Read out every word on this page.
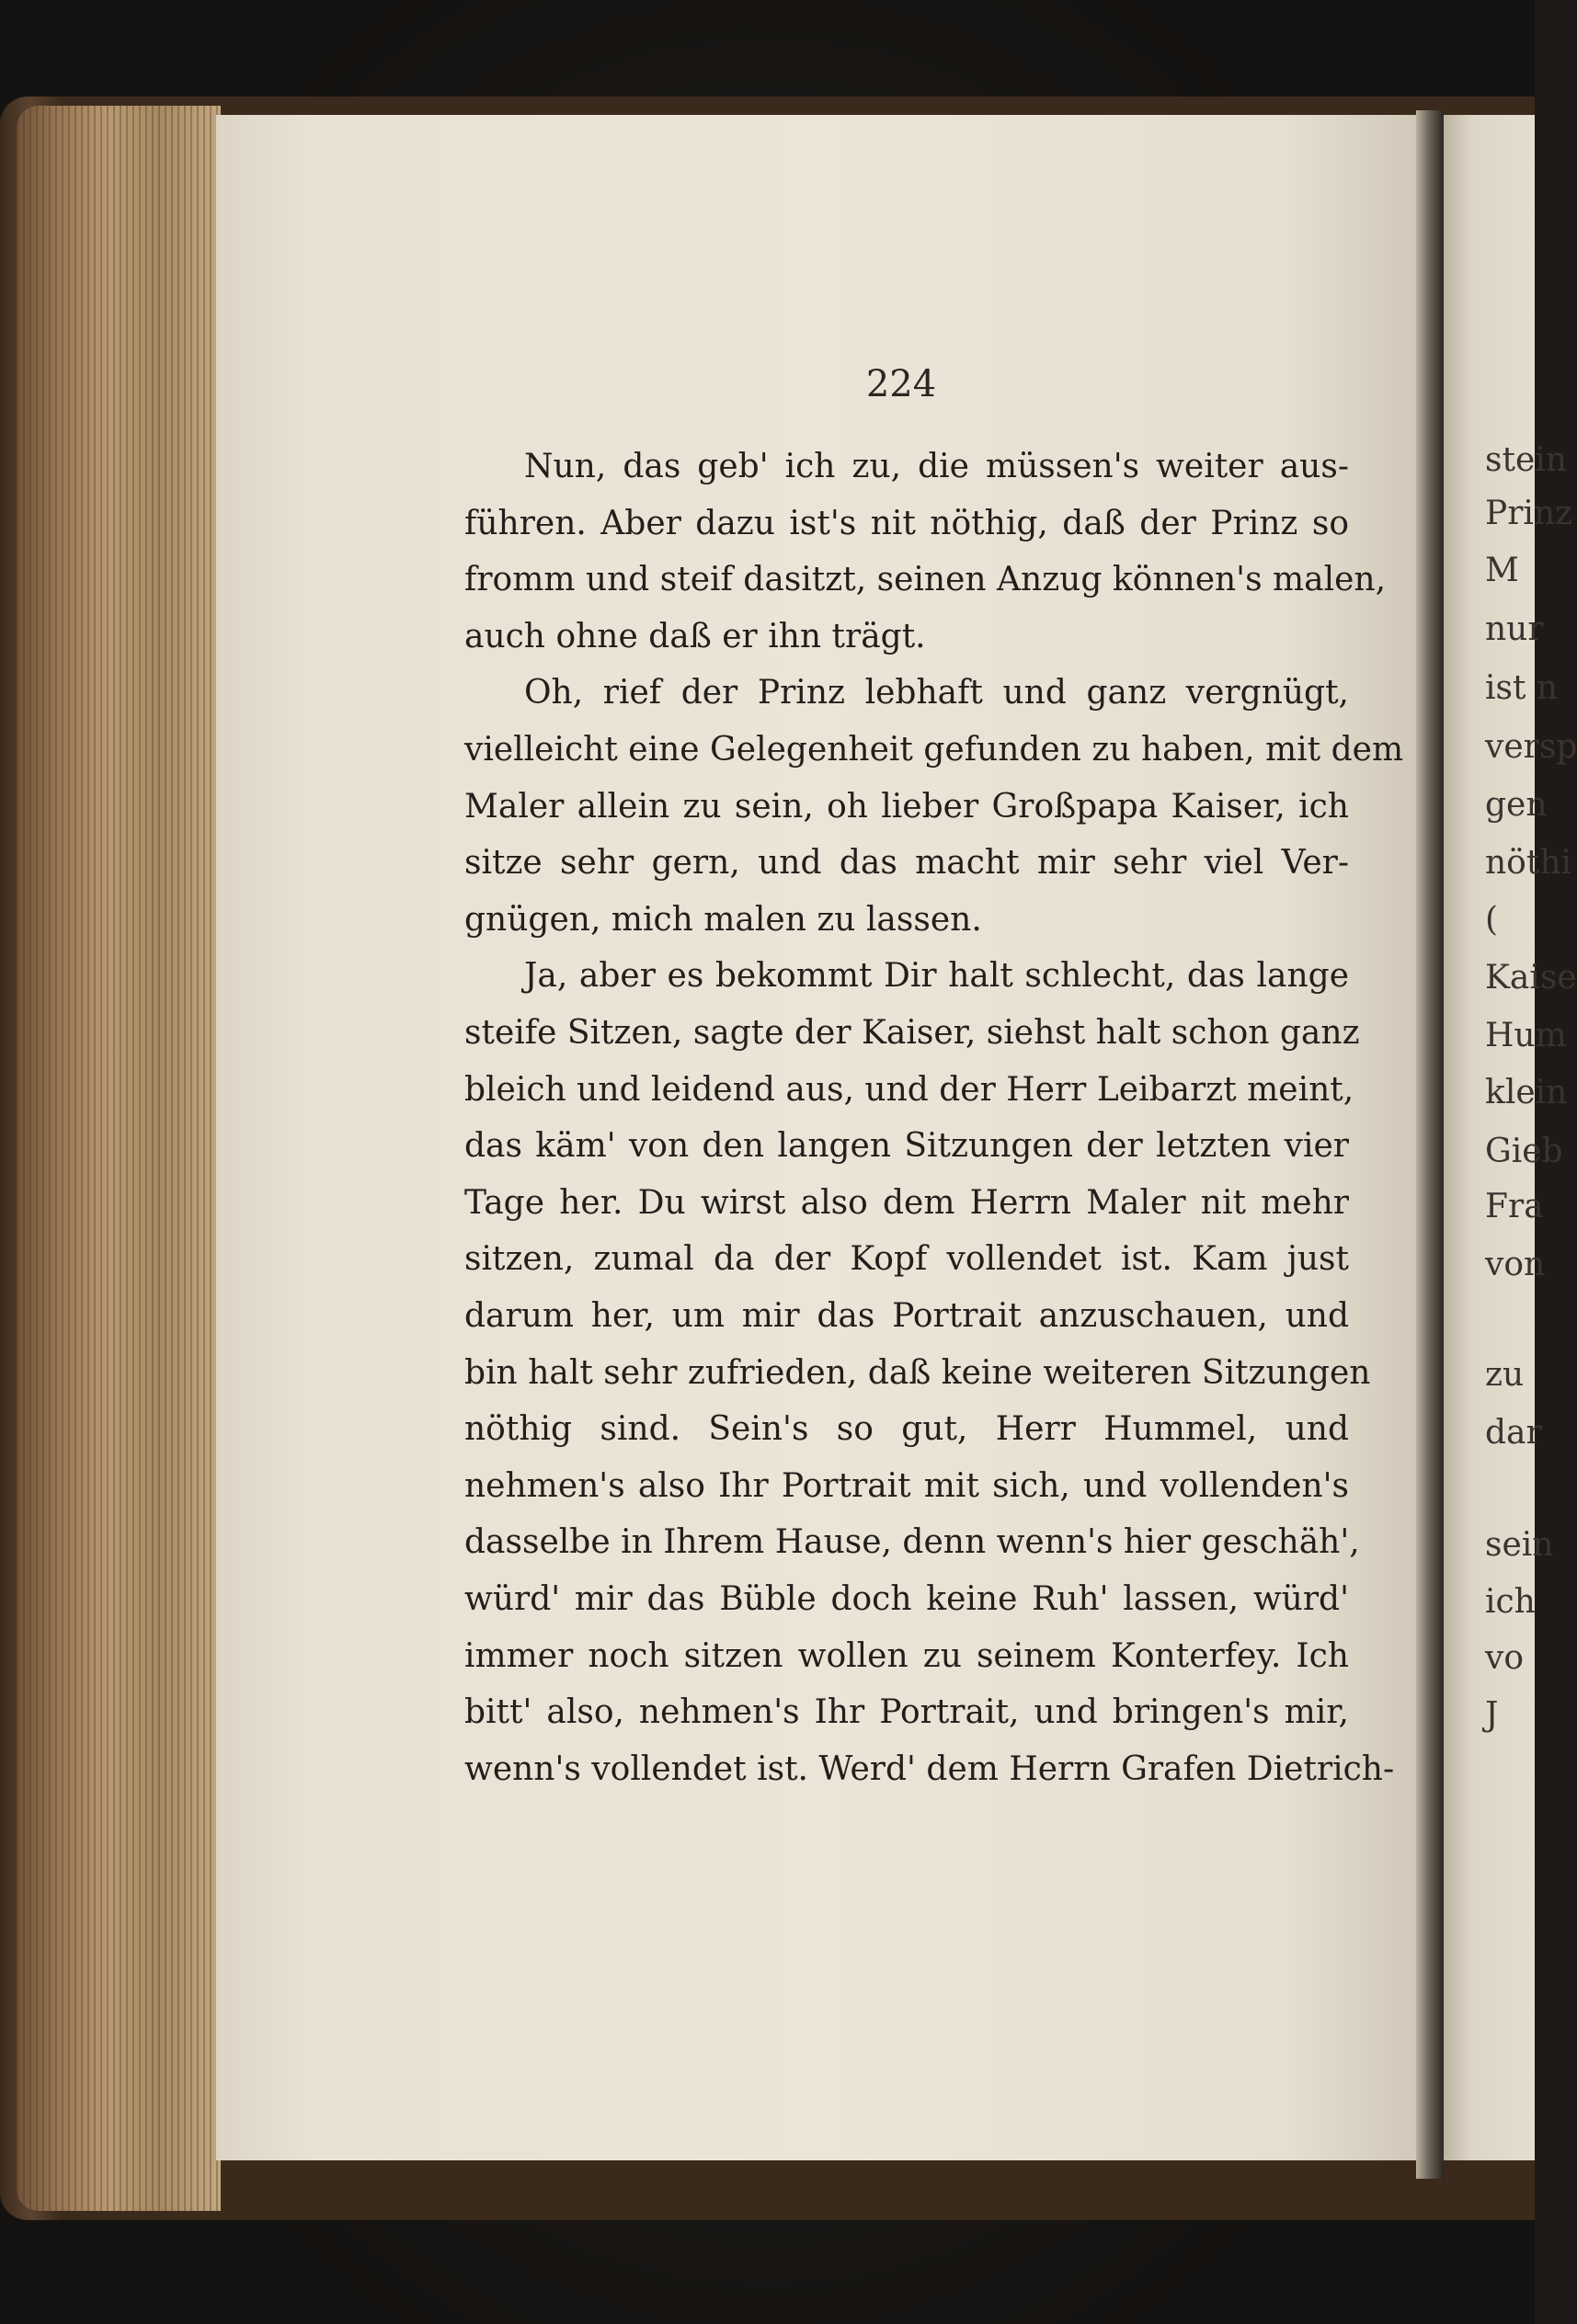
224
Nun, das geb' ich zu, die müssen's weiter aus-
führen. Aber dazu ist's nit nöthig, daß der Prinz so
fromm und steif dasitzt, seinen Anzug können's malen,
auch ohne daß er ihn trägt.
Oh, rief der Prinz lebhaft und ganz vergnügt,
vielleicht eine Gelegenheit gefunden zu haben, mit dem
Maler allein zu sein, oh lieber Großpapa Kaiser, ich
sitze sehr gern, und das macht mir sehr viel Ver-
gnügen, mich malen zu lassen.
Ja, aber es bekommt Dir halt schlecht, das lange
steife Sitzen, sagte der Kaiser, siehst halt schon ganz
bleich und leidend aus, und der Herr Leibarzt meint,
das käm' von den langen Sitzungen der letzten vier
Tage her. Du wirst also dem Herrn Maler nit mehr
sitzen, zumal da der Kopf vollendet ist. Kam just
darum her, um mir das Portrait anzuschauen, und
bin halt sehr zufrieden, daß keine weiteren Sitzungen
nöthig sind. Sein's so gut, Herr Hummel, und
nehmen's also Ihr Portrait mit sich, und vollenden's
dasselbe in Ihrem Hause, denn wenn's hier geschäh',
würd' mir das Büble doch keine Ruh' lassen, würd'
immer noch sitzen wollen zu seinem Konterfey. Ich
bitt' also, nehmen's Ihr Portrait, und bringen's mir,
wenn's vollendet ist. Werd' dem Herrn Grafen Dietrich-
stein
Prinz
M
nur
ist n
versp
gen
nöthi
(
Kaise
Hum
klein
Gieb
Fra
von
zu
dar
sein
ich
vo
J
